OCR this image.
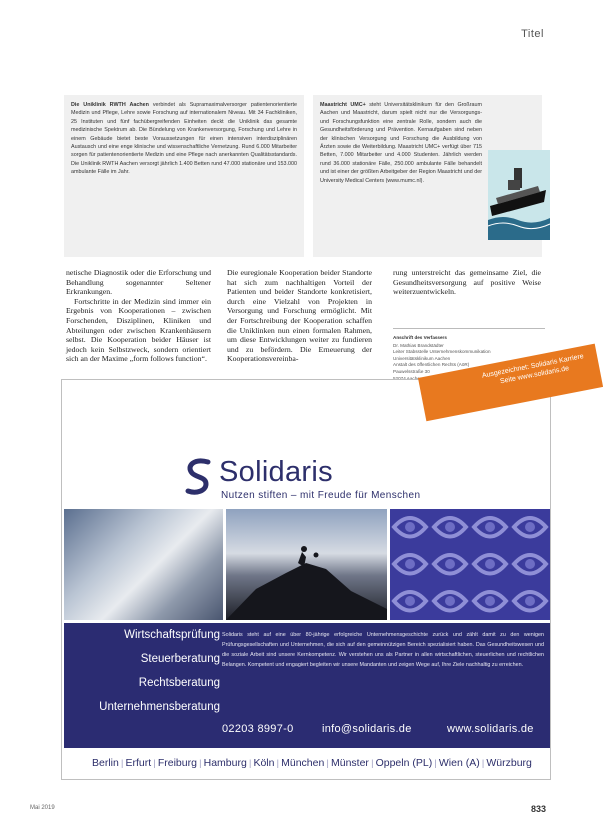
Titel
Die Uniklinik RWTH Aachen verbindet als Supramaximalversorger patientenorientierte Medizin und Pflege, Lehre sowie Forschung auf internationalem Niveau. Mit 34 Fachkliniken, 25 Instituten und fünf fachübergreifenden Einheiten deckt die Uniklinik das gesamte medizinische Spektrum ab. Die Bündelung von Krankenversorgung, Forschung und Lehre in einem Gebäude bietet beste Voraussetzungen für einen intensiven interdisziplinären Austausch und eine enge klinische und wissenschaftliche Vernetzung. Rund 6.000 Mitarbeiter sorgen für patientenorientierte Medizin und eine Pflege nach anerkannten Qualitätsstandards. Die Uniklinik RWTH Aachen versorgt jährlich 1.400 Betten rund 47.000 stationäre und 153.000 ambulante Fälle im Jahr.
Maastricht UMC+ steht Universitätsklinikum für den Großraum Aachen und Maastricht, darum spielt nicht nur die Versorgungs- und Forschungsfunktion eine zentrale Rolle, sondern auch die Gesundheitsförderung und Prävention. Kernaufgaben sind neben der klinischen Versorgung und Forschung die Ausbildung von Ärzten sowie die Weiterbildung. Maastricht UMC+ verfügt über 715 Betten, 7.000 Mitarbeiter und 4.000 Studenten. Jährlich werden rund 36.000 stationäre Fälle, 250.000 ambulante Fälle behandelt und ist einer der größten Arbeitgeber der Region Maastricht und der University Medical Centers (www.mumc.nl).

netische Diagnostik oder die Erforschung und Behandlung sogenannter Seltener Erkrankungen.

Fortschritte in der Medizin sind immer ein Ergebnis von Kooperationen – zwischen Forschenden, Disziplinen, Kliniken und Abteilungen oder zwischen Krankenhäusern selbst. Die Kooperation beider Häuser ist jedoch kein Selbstzweck, sondern orientiert sich an der Maxime „form follows function“.

Die euregionale Kooperation beider Standorte hat sich zum nachhaltigen Vorteil der Patienten und beider Standorte konkretisiert, durch eine Vielzahl von Projekten in Versorgung und Forschung ermöglicht. Mit der Fortschreibung der Kooperation schaffen die Uniklinken nun einen formalen Rahmen, um diese Entwicklungen weiter zu fundieren und zu befördern. Die Erneuerung der Kooperationsvereinba-

rung unterstreicht das gemeinsame Ziel, die Gesundheitsversorgung auf positive Weise weiterzuentwickeln.

Anschrift des Verfassers
Dr. Mathias Brandstädter
Leiter Stabsstelle Unternehmenskommunikation
Universitätsklinikum Aachen
Anstalt des öffentlichen Rechts (AöR)
Pauwelsstraße 30	Ausgezeichnet: Solidaris Karriere Seite www.solidaris.de
Solidaris
Nutzen stiften – mit Freude für Menschen
Wirtschaftsprüfung
Steuerberatung
Rechtsberatung
Unternehmensberatung
Solidaris steht auf eine über 80-jährige erfolgreiche Unternehmensgeschichte zurück und zählt damit zu den wenigen Prüfungsgesellschaften und Unternehmen, die sich auf den gemeinnützigen Bereich spezialisiert haben. Das Gesundheitswesen und die soziale Arbeit sind unsere Kernkompetenz. Wir verstehen uns als Partner in allen wirtschaftlichen, steuerlichen und rechtlichen Belangen. Kompetent und engagiert begleiten wir unsere Mandanten und zeigen Wege auf, Ihre Ziele nachhaltig zu erreichen.
02203 8997-0	info@solidaris.de	www.solidaris.de
Berlin | Erfurt | Freiburg | Hamburg | Köln | München | Münster | Oppeln (PL) | Wien (A) | Würzburg
Mai 2019	833
